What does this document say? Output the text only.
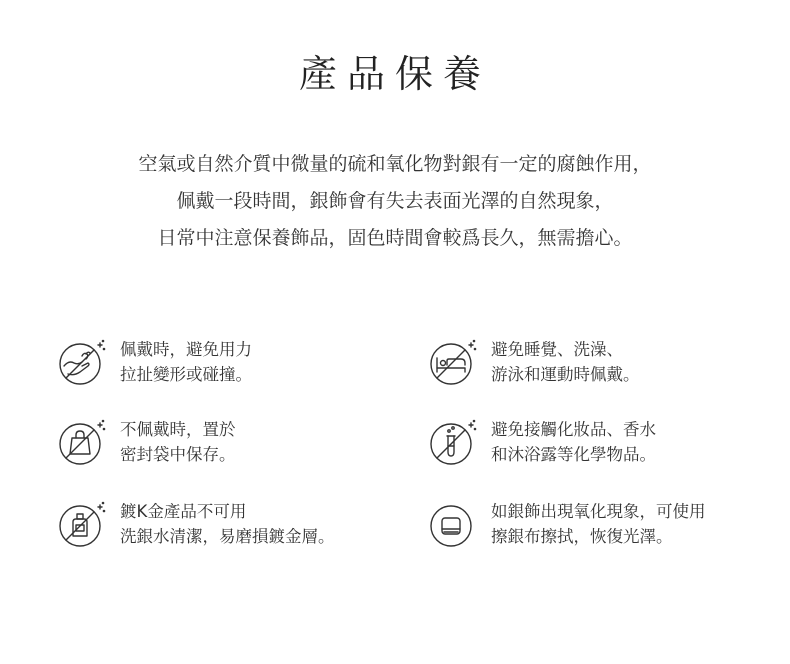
產品保養
空氣或自然介質中微量的硫和氧化物對銀有一定的腐蝕作用，
佩戴一段時間，銀飾會有失去表面光澤的自然現象，
日常中注意保養飾品，固色時間會較爲長久，無需擔心。
佩戴時，避免用力
拉扯變形或碰撞。
避免睡覺、洗澡、
游泳和運動時佩戴。
不佩戴時，置於
密封袋中保存。
避免接觸化妝品、香水
和沐浴露等化學物品。
鍍K金產品不可用
洗銀水清潔，易磨損鍍金層。
如銀飾出現氧化現象，可使用
擦銀布擦拭，恢復光澤。
